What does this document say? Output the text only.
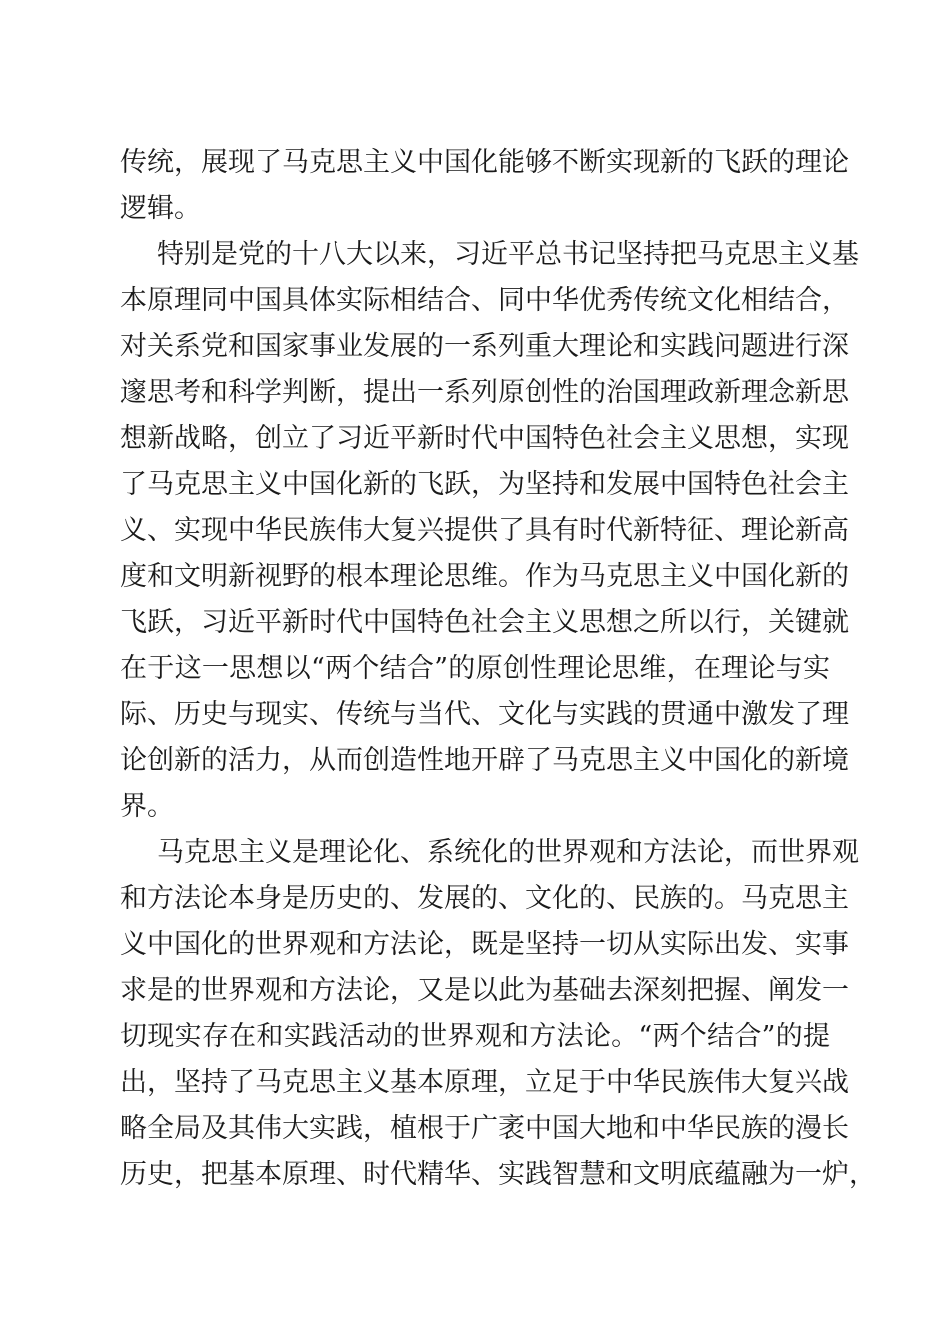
传统，展现了马克思主义中国化能够不断实现新的飞跃的理论
逻辑。
特别是党的十八大以来，习近平总书记坚持把马克思主义基
本原理同中国具体实际相结合、同中华优秀传统文化相结合，
对关系党和国家事业发展的一系列重大理论和实践问题进行深
邃思考和科学判断，提出一系列原创性的治国理政新理念新思
想新战略，创立了习近平新时代中国特色社会主义思想，实现
了马克思主义中国化新的飞跃，为坚持和发展中国特色社会主
义、实现中华民族伟大复兴提供了具有时代新特征、理论新高
度和文明新视野的根本理论思维。作为马克思主义中国化新的
飞跃，习近平新时代中国特色社会主义思想之所以行，关键就
在于这一思想以“两个结合”的原创性理论思维，在理论与实
际、历史与现实、传统与当代、文化与实践的贯通中激发了理
论创新的活力，从而创造性地开辟了马克思主义中国化的新境
界。
马克思主义是理论化、系统化的世界观和方法论，而世界观
和方法论本身是历史的、发展的、文化的、民族的。马克思主
义中国化的世界观和方法论，既是坚持一切从实际出发、实事
求是的世界观和方法论，又是以此为基础去深刻把握、阐发一
切现实存在和实践活动的世界观和方法论。“两个结合”的提
出，坚持了马克思主义基本原理，立足于中华民族伟大复兴战
略全局及其伟大实践，植根于广袤中国大地和中华民族的漫长
历史，把基本原理、时代精华、实践智慧和文明底蕴融为一炉，
